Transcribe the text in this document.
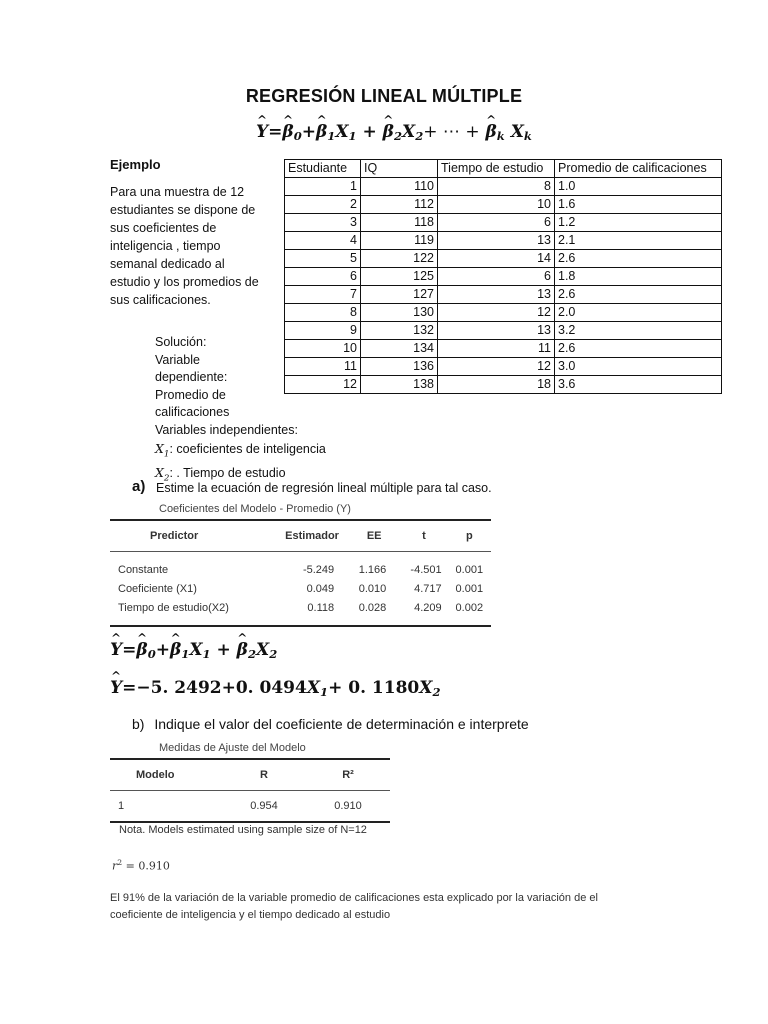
REGRESIÓN LINEAL MÚLTIPLE
^ Y=^ $\beta_0+\^{}$ $\beta_1X_1$ + ^ $\beta_2X_2+$ ⋯ + ^ $\beta_k$ $X_k$
Ejemplo
Para una muestra de 12 estudiantes se dispone de sus coeficientes de inteligencia , tiempo semanal dedicado al estudio y los promedios de sus calificaciones.
Estudiante	IQ	Tiempo de estudio	Promedio de calificaciones
1	110	8	1.0
2	112	10	1.6
3	118	6	1.2
4	119	13	2.1
5	122	14	2.6
6	125	6	1.8
7	127	13	2.6
8	130	12	2.0
9	132	13	3.2
10	134	11	2.6
11	136	12	3.0
12	138	18	3.6
Solución:
Variable dependiente:
Promedio de calificaciones
Variables independientes:
$X_1$: coeficientes de inteligencia
$X_2$: . Tiempo de estudio
a) Estime la ecuación de regresión lineal múltiple para tal caso.
Coeficientes del Modelo - Promedio (Y)
Predictor	Estimador	EE	t	p
Constante	-5.249	1.166	-4.501	0.001
Coeficiente (X1)	0.049	0.010	4.717	0.001
Tiempo de estudio(X2)	0.118	0.028	4.209	0.002
^ Y=^ $\beta_0+\^{}$ $\beta_1X_1$ + ^ $\beta_2X_2$
^ Y=−5. 2492+0. $0494X_1+ 0$. $1180X_2$
b) Indique el valor del coeficiente de determinación e interprete
Medidas de Ajuste del Modelo
Modelo	R	R²
1	0.954	0.910
Nota. Models estimated using sample size of N=12
$r^2 = 0.910$
El 91% de la variación de la variable promedio de calificaciones esta explicado por la variación de el coeficiente de inteligencia y el tiempo dedicado al estudio
